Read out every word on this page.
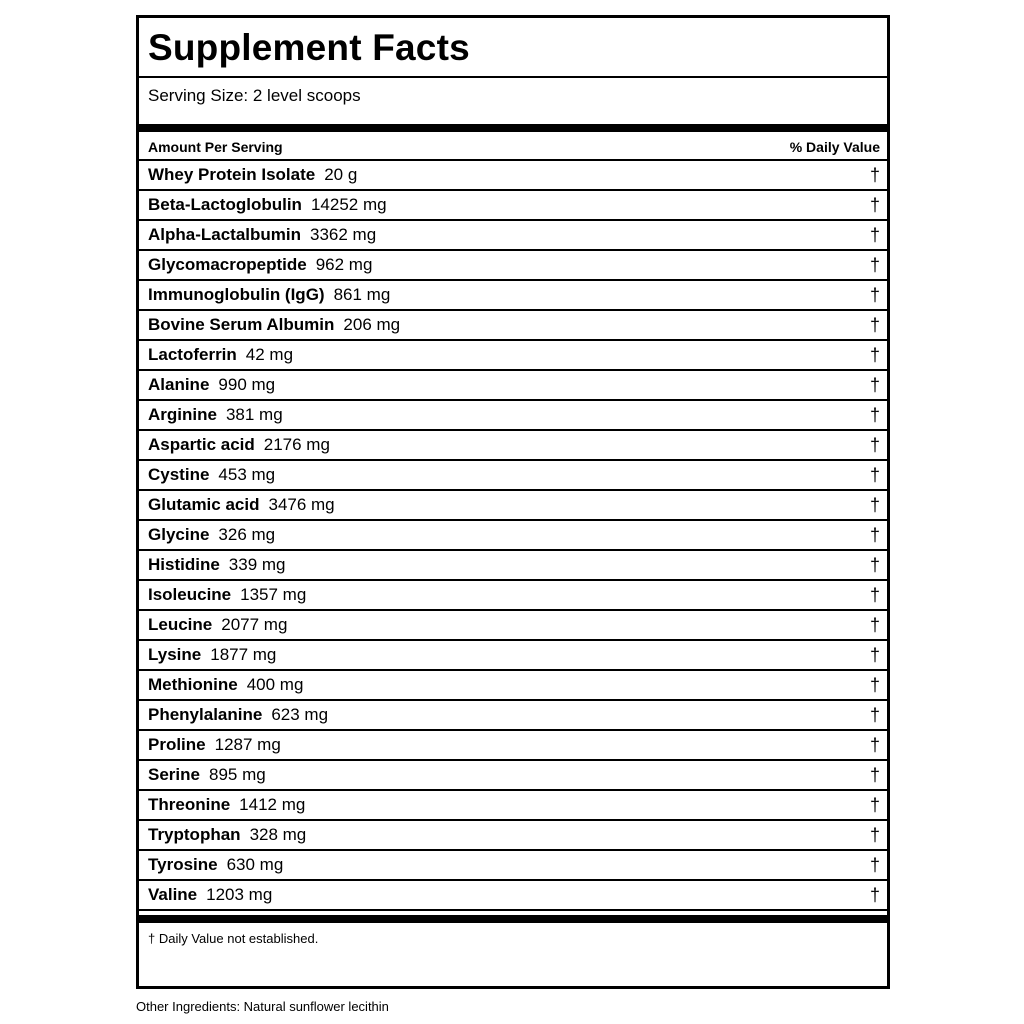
Supplement Facts
Serving Size: 2 level scoops
Amount Per Serving	% Daily Value
Whey Protein Isolate 20 g	†
Beta-Lactoglobulin 14252 mg	†
Alpha-Lactalbumin 3362 mg	†
Glycomacropeptide 962 mg	†
Immunoglobulin (IgG) 861 mg	†
Bovine Serum Albumin 206 mg	†
Lactoferrin 42 mg	†
Alanine 990 mg	†
Arginine 381 mg	†
Aspartic acid 2176 mg	†
Cystine 453 mg	†
Glutamic acid 3476 mg	†
Glycine 326 mg	†
Histidine 339 mg	†
Isoleucine 1357 mg	†
Leucine 2077 mg	†
Lysine 1877 mg	†
Methionine 400 mg	†
Phenylalanine 623 mg	†
Proline 1287 mg	†
Serine 895 mg	†
Threonine 1412 mg	†
Tryptophan 328 mg	†
Tyrosine 630 mg	†
Valine 1203 mg	†
† Daily Value not established.
Other Ingredients: Natural sunflower lecithin
